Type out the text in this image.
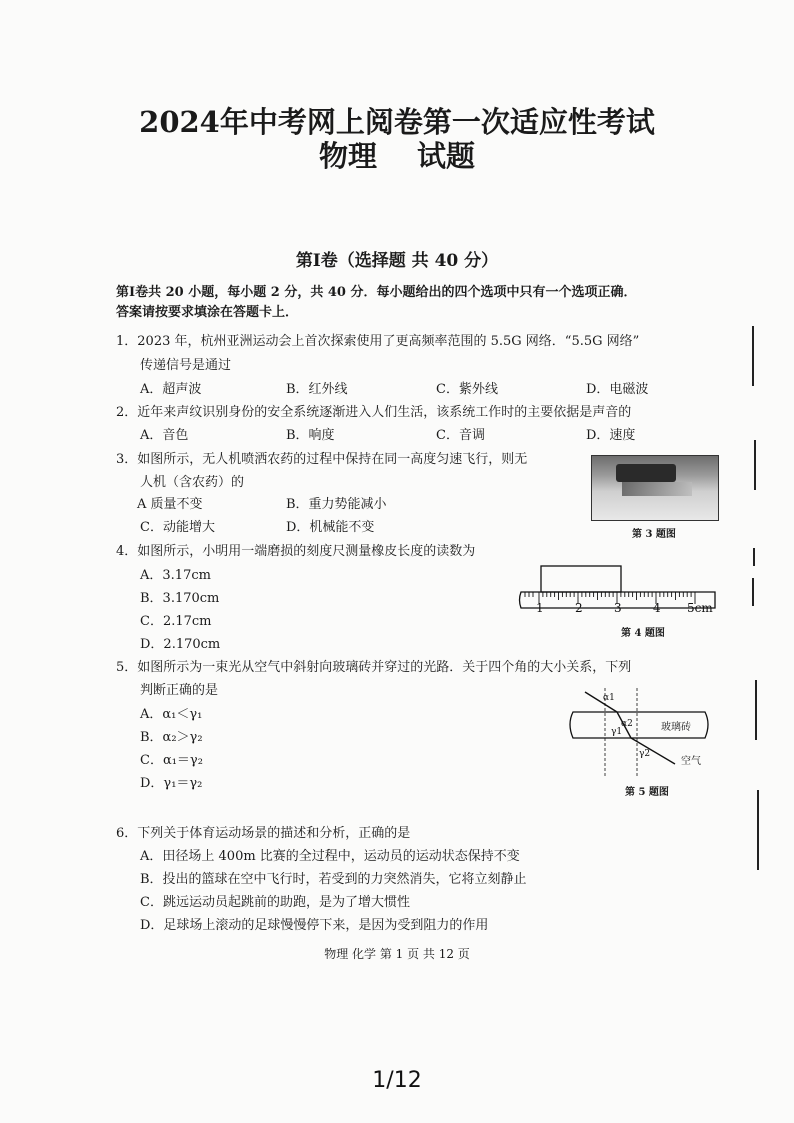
2024年中考网上阅卷第一次适应性考试
物理 试题
第Ⅰ卷（选择题 共 40 分）
第Ⅰ卷共 20 小题，每小题 2 分，共 40 分．每小题给出的四个选项中只有一个选项正确．
答案请按要求填涂在答题卡上．
1．2023 年，杭州亚洲运动会上首次探索使用了更高频率范围的 5.5G 网络．“5.5G 网络”
传递信号是通过
A．超声波	B．红外线	C．紫外线	D．电磁波
2．近年来声纹识别身份的安全系统逐渐进入人们生活，该系统工作时的主要依据是声音的
A．音色	B．响度	C．音调	D．速度
3．如图所示，无人机喷洒农药的过程中保持在同一高度匀速飞行，则无
人机（含农药）的
A 质量不变	B．重力势能减小
C．动能增大	D．机械能不变	第 3 题图
4．如图所示，小明用一端磨损的刻度尺测量橡皮长度的读数为
A．3.17cm
B．3.170cm
C．2.17cm
D．2.170cm
1	2	3	4 5cm
第 4 题图
5．如图所示为一束光从空气中斜射向玻璃砖并穿过的光路．关于四个角的大小关系，下列
判断正确的是
A．α₁＜γ₁
B．α₂＞γ₂
C．α₁＝γ₂
D．γ₁＝γ₂
α1
α2
γ1
γ2
玻璃砖
空气
第 5 题图
6．下列关于体育运动场景的描述和分析，正确的是
A．田径场上 400m 比赛的全过程中，运动员的运动状态保持不变
B．投出的篮球在空中飞行时，若受到的力突然消失，它将立刻静止
C．跳远运动员起跳前的助跑，是为了增大惯性
D．足球场上滚动的足球慢慢停下来，是因为受到阻力的作用
物理 化学 第 1 页 共 12 页
1/12
